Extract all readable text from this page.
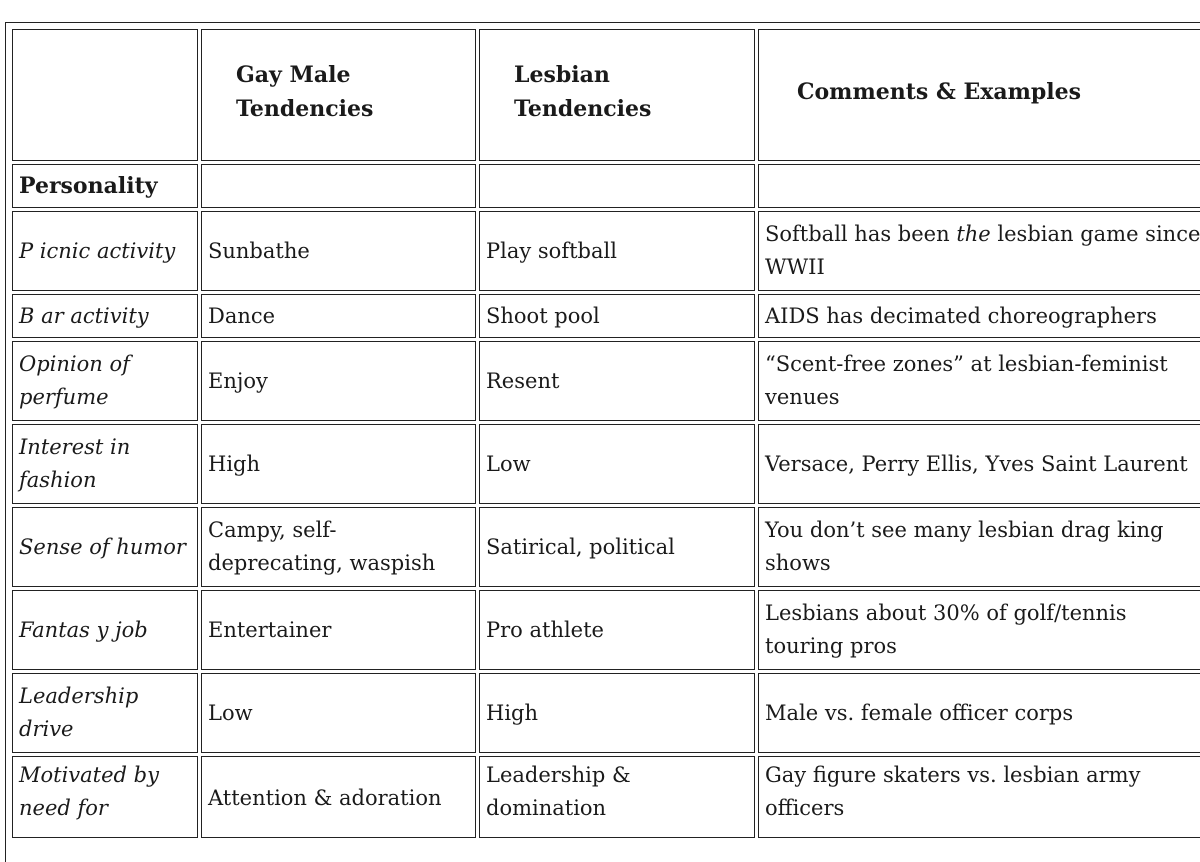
	Gay Male Tendencies	Lesbian Tendencies	Comments & Examples
Personality			
P icnic activity	Sunbathe	Play softball	Softball has been the lesbian game since WWII
B ar activity	Dance	Shoot pool	AIDS has decimated choreographers
Opinion of perfume	Enjoy	Resent	“Scent-free zones” at lesbian-feminist venues
Interest in fashion	High	Low	Versace, Perry Ellis, Yves Saint Laurent
Sense of humor	Campy, self-deprecating, waspish	Satirical, political	You don’t see many lesbian drag king shows
Fantas y job	Entertainer	Pro athlete	Lesbians about 30% of golf/tennis touring pros
Leadership drive	Low	High	Male vs. female officer corps
Motivated by need for	Attention & adoration	Leadership & domination	Gay figure skaters vs. lesbian army officers
